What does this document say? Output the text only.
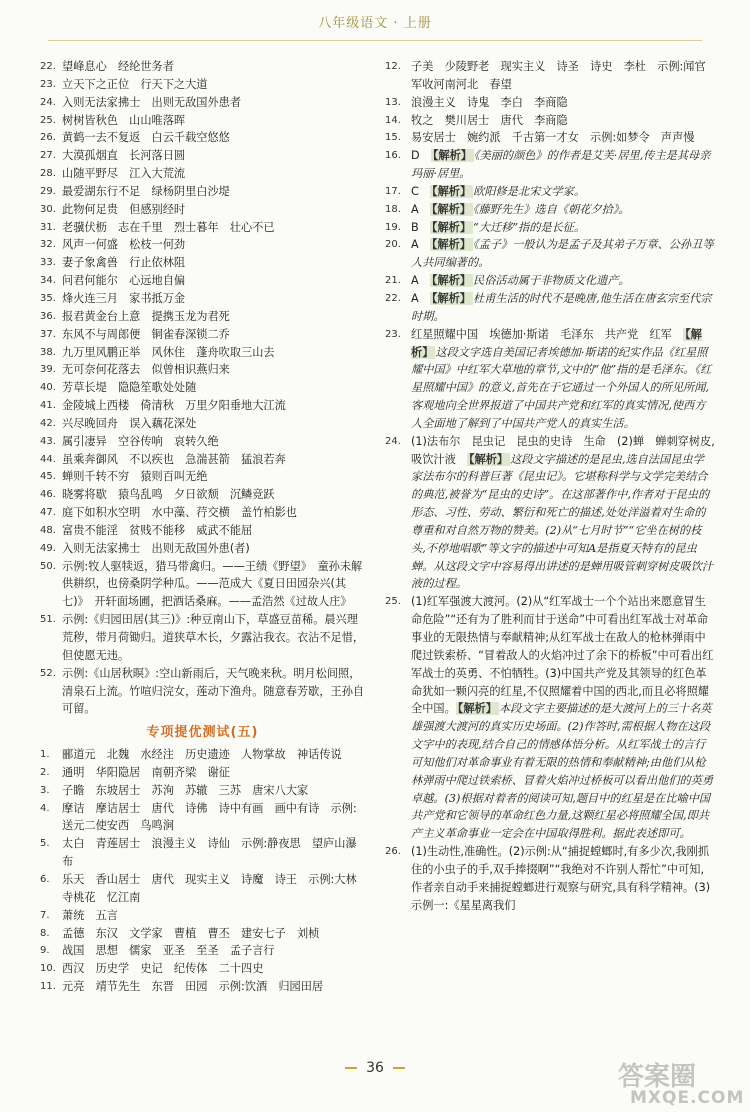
八年级语文 · 上册
22. 望峰息心　经纶世务者
23. 立天下之正位　行天下之大道
24. 入则无法家拂士　出则无敌国外患者
25. 树树皆秋色　山山唯落晖
26. 黄鹤一去不复返　白云千载空悠悠
27. 大漠孤烟直　长河落日圆
28. 山随平野尽　江入大荒流
29. 最爱湖东行不足　绿杨阴里白沙堤
30. 此物何足贵　但感别经时
31. 老骥伏枥　志在千里　烈士暮年　壮心不已
32. 风声一何盛　松枝一何劲
33. 妻子象禽兽　行止依林阻
34. 问君何能尔　心远地自偏
35. 烽火连三月　家书抵万金
36. 报君黄金台上意　提携玉龙为君死
37. 东风不与周郎便　铜雀春深锁二乔
38. 九万里风鹏正举　风休住　蓬舟吹取三山去
39. 无可奈何花落去　似曾相识燕归来
40. 芳草长堤　隐隐笙歌处处随
41. 金陵城上西楼　倚清秋　万里夕阳垂地大江流
42. 兴尽晚回舟　误入藕花深处
43. 属引凄异　空谷传响　哀转久绝
44. 虽乘奔御风　不以疾也　急湍甚箭　猛浪若奔
45. 蝉则千转不穷　猿则百叫无绝
46. 晓雾将歇　猿鸟乱鸣　夕日欲颓　沉鳞竞跃
47. 庭下如积水空明　水中藻、荇交横　盖竹柏影也
48. 富贵不能淫　贫贱不能移　威武不能屈
49. 入则无法家拂士　出则无敌国外患(者)
50. 示例:牧人驱犊返，猎马带禽归。——王绩《野望》　童孙未解供耕织，也傍桑阴学种瓜。——范成大《夏日田园杂兴(其七)》　开轩面场圃，把酒话桑麻。——孟浩然《过故人庄》
51. 示例:《归园田居(其三)》:种豆南山下，草盛豆苗稀。晨兴理荒秽，带月荷锄归。道狭草木长，夕露沾我衣。衣沾不足惜，但使愿无违。
52. 示例:《山居秋暝》:空山新雨后，天气晚来秋。明月松间照，清泉石上流。竹喧归浣女，莲动下渔舟。随意春芳歇，王孙自可留。
专项提优测试(五)
1.	郦道元　北魏　水经注　历史遗迹　人物掌故　神话传说
2.	通明　华阳隐居　南朝齐梁　谢征
3.	子瞻　东坡居士　苏洵　苏辙　三苏　唐宋八大家
4.	摩诘　摩诘居士　唐代　诗佛　诗中有画　画中有诗　示例:送元二使安西　鸟鸣涧
5.	太白　青莲居士　浪漫主义　诗仙　示例:静夜思　望庐山瀑布
6.	乐天　香山居士　唐代　现实主义　诗魔　诗王　示例:大林寺桃花　忆江南
7.	萧统　五言
8.	孟德　东汉　文学家　曹植　曹丕　建安七子　刘桢
9.	战国　思想　儒家　亚圣　至圣　孟子言行
10. 西汉　历史学　史记　纪传体　二十四史
11. 元亮　靖节先生　东晋　田园　示例:饮酒　归园田居
12. 子美　少陵野老　现实主义　诗圣　诗史　李杜　示例:闻官军收河南河北　春望
13. 浪漫主义　诗鬼　李白　李商隐
14. 牧之　樊川居士　唐代　李商隐
15. 易安居士　婉约派　千古第一才女　示例:如梦令　声声慢
16. D　【解析】 《美丽的颜色》的作者是艾芙·居里,传主是其母亲玛丽·居里。
17. C　【解析】 欧阳修是北宋文学家。
18. A　【解析】 《藤野先生》选自《朝花夕拾》。
19. B　【解析】 “大迁移”指的是长征。
20. A　【解析】 《孟子》一般认为是孟子及其弟子万章、公孙丑等人共同编著的。
21. A　【解析】 民俗活动属于非物质文化遗产。
22. A　【解析】 杜甫生活的时代不是晚唐,他生活在唐玄宗至代宗时期。
23. 红星照耀中国　埃德加·斯诺　毛泽东　共产党　红军　【解析】 这段文字选自美国记者埃德加·斯诺的纪实作品《红星照耀中国》中红军大草地的章节,文中的“他”指的是毛泽东。《红星照耀中国》的意义,首先在于它通过一个外国人的所见所闻,客观地向全世界报道了中国共产党和红军的真实情况,使西方人全面地了解到了中国共产党人的真实生活。
24. (1)法布尔　昆虫记　昆虫的史诗　生命　(2)蝉　蝉刺穿树皮,吸饮汁液　【解析】 这段文字描述的是昆虫,选自法国昆虫学家法布尔的科普巨著《昆虫记》。它堪称科学与文学完美结合的典范,被誉为“昆虫的史诗”。在这部著作中,作者对于昆虫的形态、习性、劳动、繁衍和死亡的描述,处处洋溢着对生命的尊重和对自然万物的赞美。(2)从“七月时节”“它坐在树的枝头,不停地唱歌”等文字的描述中可知A是指夏天特有的昆虫蝉。从这段文字中容易得出讲述的是蝉用吸管刺穿树皮吸饮汁液的过程。
25. (1)红军强渡大渡河。(2)从“红军战士一个个站出来愿意冒生命危险”“还有为了胜利而甘于送命”中可看出红军战士对革命事业的无限热情与奉献精神;从红军战士在敌人的枪林弹雨中爬过铁索桥、“冒着敌人的火焰冲过了余下的桥板”中可看出红军战士的英勇、不怕牺牲。(3)中国共产党及其领导的红色革命犹如一颗闪亮的红星,不仅照耀着中国的西北,而且必将照耀全中国。 【解析】 本段文字主要描述的是大渡河上的三十名英雄强渡大渡河的真实历史场面。(2)作答时,需根据人物在这段文字中的表现,结合自己的情感体悟分析。从红军战士的言行可知他们对革命事业有着无限的热情和奉献精神;由他们从枪林弹雨中爬过铁索桥、冒着火焰冲过桥板可以看出他们的英勇卓越。(3)根据对着者的阅读可知,题目中的红星是在比喻中国共产党和它领导的革命红色力量,这颗红星必将照耀全国,即共产主义革命事业一定会在中国取得胜利。据此表述即可。
26. (1)生动性,准确性。(2)示例:从“捕捉螳螂时,有多少次,我刚抓住的小虫子的手,双手捧掇啊”“我绝对不许别人帮忙”中可知,作者亲自动手来捕捉螳螂进行观察与研究,具有科学精神。(3)示例一:《星星离我们
36	答案圈
MXQE.COM
